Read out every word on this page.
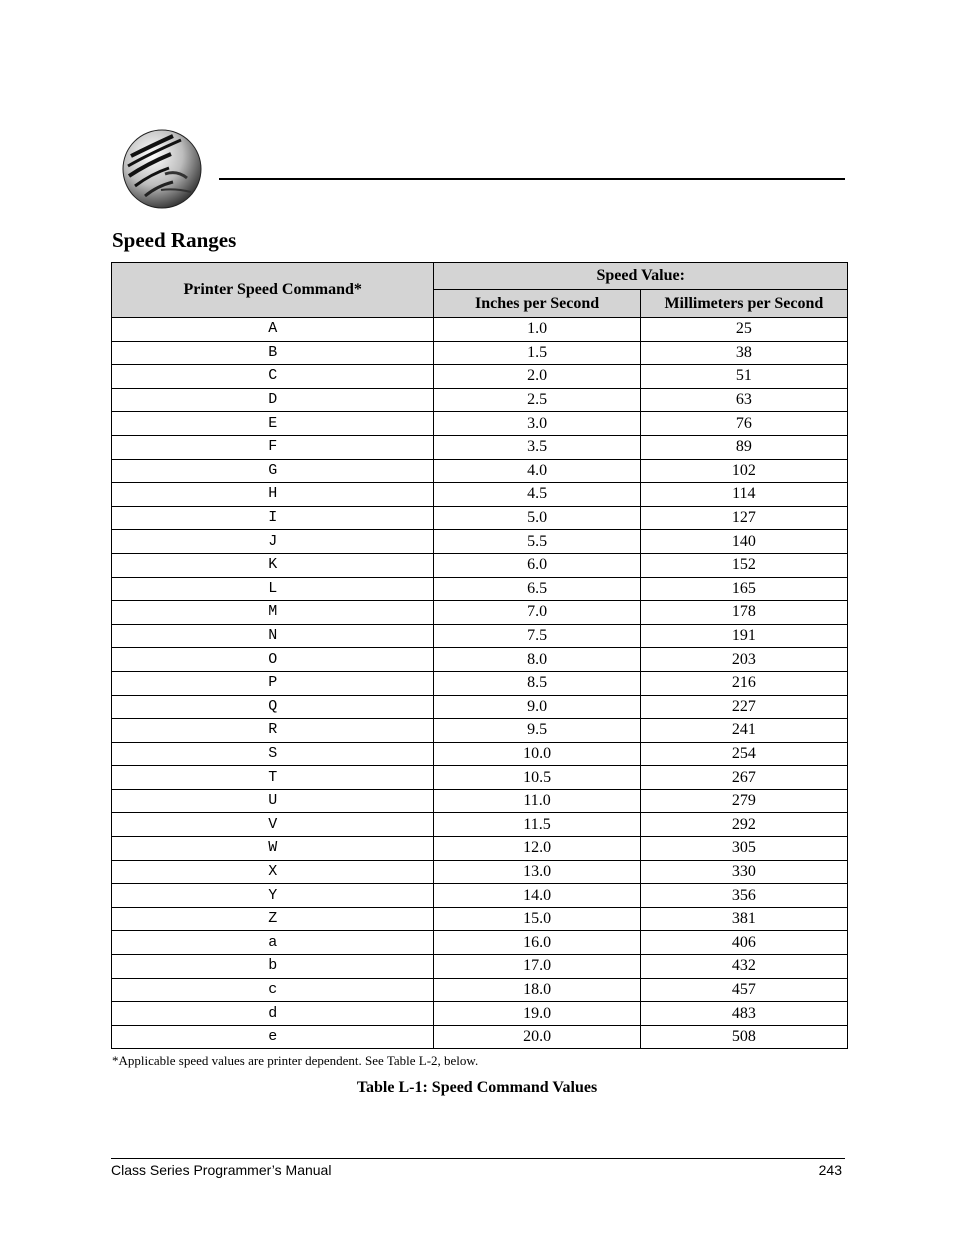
Speed Ranges
Printer Speed Command*	Speed Value:	
	Inches per Second	Millimeters per Second
A	1.0	25
B	1.5	38
C	2.0	51
D	2.5	63
E	3.0	76
F	3.5	89
G	4.0	102
H	4.5	114
I	5.0	127
J	5.5	140
K	6.0	152
L	6.5	165
M	7.0	178
N	7.5	191
O	8.0	203
P	8.5	216
Q	9.0	227
R	9.5	241
S	10.0	254
T	10.5	267
U	11.0	279
V	11.5	292
W	12.0	305
X	13.0	330
Y	14.0	356
Z	15.0	381
a	16.0	406
b	17.0	432
c	18.0	457
d	19.0	483
e	20.0	508
*Applicable speed values are printer dependent. See Table L-2, below.
Table L-1: Speed Command Values
Class Series Programmer’s Manual	243
